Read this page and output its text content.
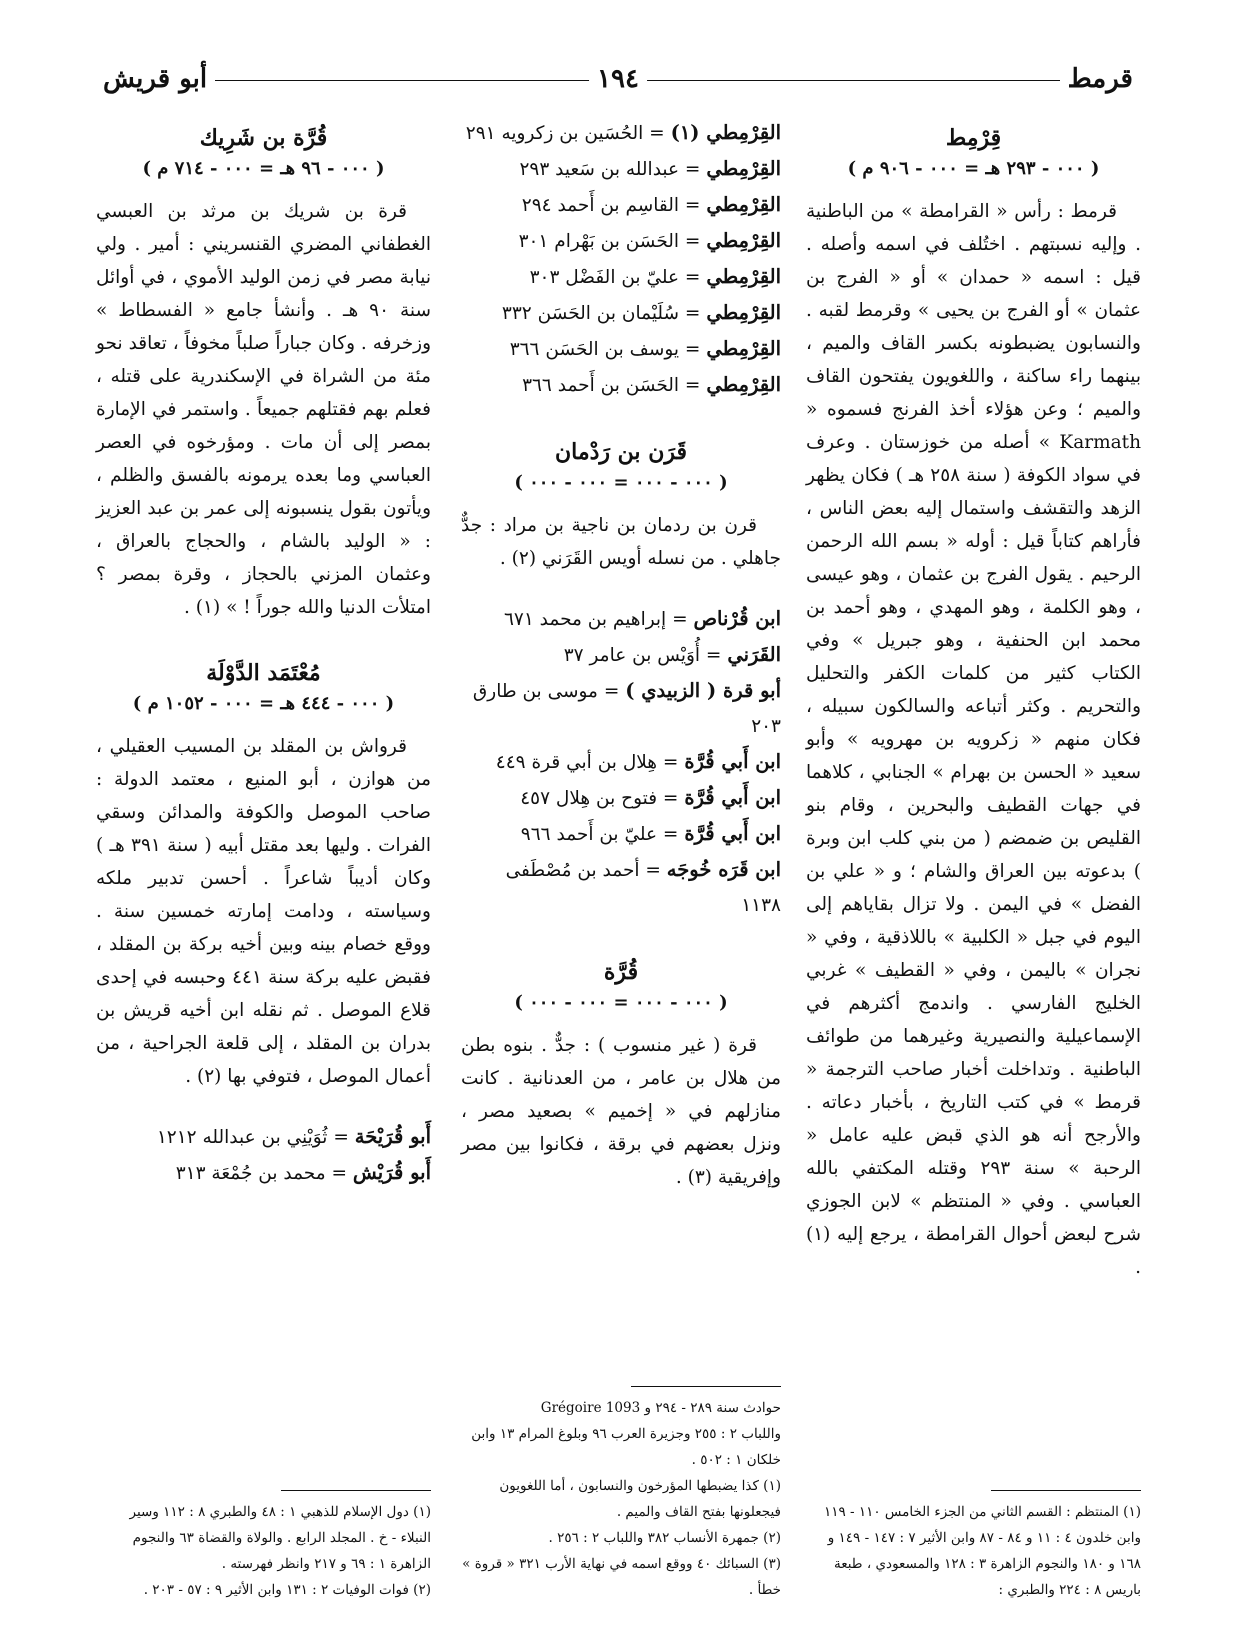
قرمط
١٩٤
أبو قريش
قِرْمِط
( ٠٠٠ - ٢٩٣ هـ = ٠٠٠ - ٩٠٦ م )

قرمط : رأس « القرامطة » من الباطنية . وإليه نسبتهم . اختُلف في اسمه وأصله . قيل : اسمه « حمدان » أو « الفرج بن عثمان » أو الفرج بن يحيى » وقرمط لقبه . والنسابون يضبطونه بكسر القاف والميم ، بينهما راء ساكنة ، واللغويون يفتحون القاف والميم ؛ وعن هؤلاء أخذ الفرنج فسموه « Karmath » أصله من خوزستان . وعرف في سواد الكوفة ( سنة ٢٥٨ هـ ) فكان يظهر الزهد والتقشف واستمال إليه بعض الناس ، فأراهم كتاباً قيل : أوله « بسم الله الرحمن الرحيم . يقول الفرج بن عثمان ، وهو عيسى ، وهو الكلمة ، وهو المهدي ، وهو أحمد بن محمد ابن الحنفية ، وهو جبريل » وفي الكتاب كثير من كلمات الكفر والتحليل والتحريم . وكثر أتباعه والسالكون سبيله ، فكان منهم « زكرويه بن مهرويه » وأبو سعيد « الحسن بن بهرام » الجنابي ، كلاهما في جهات القطيف والبحرين ، وقام بنو القليص بن ضمضم ( من بني كلب ابن وبرة ) بدعوته بين العراق والشام ؛ و « علي بن الفضل » في اليمن . ولا تزال بقاياهم إلى اليوم في جبل « الكلبية » باللاذقية ، وفي « نجران » باليمن ، وفي « القطيف » غربي الخليج الفارسي . واندمج أكثرهم في الإسماعيلية والنصيرية وغيرهما من طوائف الباطنية . وتداخلت أخبار صاحب الترجمة « قرمط » في كتب التاريخ ، بأخبار دعاته . والأرجح أنه هو الذي قبض عليه عامل « الرحبة » سنة ٢٩٣ وقتله المكتفي بالله العباسي . وفي « المنتظم » لابن الجوزي شرح لبعض أحوال القرامطة ، يرجع إليه (١) .

(١) المنتظم : القسم الثاني من الجزء الخامس ١١٠ - ١١٩ وابن خلدون ٤ : ١١ و ٨٤ - ٨٧ وابن الأثير ٧ : ١٤٧ - ١٤٩ و ١٦٨ و ١٨٠ والنجوم الزاهرة ٣ : ١٢٨ والمسعودي ، طبعة باريس ٨ : ٢٢٤ والطبري :

القِرْمِطي (١) = الحُسَين بن زكرويه ٢٩١

القِرْمِطي = عبدالله بن سَعيد ٢٩٣

القِرْمِطي = القاسِم بن أَحمد ٢٩٤

القِرْمِطي = الحَسَن بن بَهْرام ٣٠١

القِرْمِطي = عليّ بن الفَضْل ٣٠٣

القِرْمِطي = سُلَيْمان بن الحَسَن ٣٣٢

القِرْمِطي = يوسف بن الحَسَن ٣٦٦

القِرْمِطي = الحَسَن بن أَحمد ٣٦٦

قَرَن بن رَدْمان
( ٠٠٠ - ٠٠٠ = ٠٠٠ - ٠٠٠ )

قرن بن ردمان بن ناجية بن مراد : جدٌّ جاهلي . من نسله أويس القَرَني (٢) .

ابن قُرْناص = إبراهيم بن محمد ٦٧١

القَرَني = أُوَيْس بن عامر ٣٧

أبو قرة ( الزبيدي ) = موسى بن طارق ٢٠٣

ابن أَبي قُرَّة = هِلال بن أبي قرة ٤٤٩

ابن أَبي قُرَّة = فتوح بن هِلال ٤٥٧

ابن أَبي قُرَّة = عليّ بن أَحمد ٩٦٦

ابن قَرَه خُوجَه = أحمد بن مُصْطَفى ١١٣٨

قُرَّة
( ٠٠٠ - ٠٠٠ = ٠٠٠ - ٠٠٠ )

قرة ( غير منسوب ) : جدٌّ . بنوه بطن من هلال بن عامر ، من العدنانية . كانت منازلهم في « إخميم » بصعيد مصر ، ونزل بعضهم في برقة ، فكانوا بين مصر وإفريقية (٣) .

حوادث سنة ٢٨٩ - ٢٩٤ و Grégoire 1093

واللباب ٢ : ٢٥٥ وجزيرة العرب ٩٦ وبلوغ المرام ١٣ وابن خلكان ١ : ٥٠٢ .

(١) كذا يضبطها المؤرخون والنسابون ، أما اللغويون فيجعلونها بفتح القاف والميم .

(٢) جمهرة الأنساب ٣٨٢ واللباب ٢ : ٢٥٦ .

(٣) السبائك ٤٠ ووقع اسمه في نهاية الأرب ٣٢١ « قروة » خطأ .

قُرَّة بن شَرِيك
( ٠٠٠ - ٩٦ هـ = ٠٠٠ - ٧١٤ م )

قرة بن شريك بن مرثد بن العبسي الغطفاني المضري القنسريني : أمير . ولي نيابة مصر في زمن الوليد الأموي ، في أوائل سنة ٩٠ هـ . وأنشأ جامع « الفسطاط » وزخرفه . وكان جباراً صلباً مخوفاً ، تعاقد نحو مئة من الشراة في الإسكندرية على قتله ، فعلم بهم فقتلهم جميعاً . واستمر في الإمارة بمصر إلى أن مات . ومؤرخوه في العصر العباسي وما بعده يرمونه بالفسق والظلم ، ويأتون بقول ينسبونه إلى عمر بن عبد العزيز : « الوليد بالشام ، والحجاج بالعراق ، وعثمان المزني بالحجاز ، وقرة بمصر ؟ امتلأت الدنيا والله جوراً ! » (١) .

مُعْتَمَد الدَّوْلَة
( ٠٠٠ - ٤٤٤ هـ = ٠٠٠ - ١٠٥٢ م )

قرواش بن المقلد بن المسيب العقيلي ، من هوازن ، أبو المنيع ، معتمد الدولة : صاحب الموصل والكوفة والمدائن وسقي الفرات . وليها بعد مقتل أبيه ( سنة ٣٩١ هـ ) وكان أديباً شاعراً . أحسن تدبير ملكه وسياسته ، ودامت إمارته خمسين سنة . ووقع خصام بينه وبين أخيه بركة بن المقلد ، فقبض عليه بركة سنة ٤٤١ وحبسه في إحدى قلاع الموصل . ثم نقله ابن أخيه قريش بن بدران بن المقلد ، إلى قلعة الجراحية ، من أعمال الموصل ، فتوفي بها (٢) .

أَبو قُرَيْحَة = ثُوَيْنِي بن عبدالله ١٢١٢

أَبو قُرَيْش = محمد بن جُمْعَة ٣١٣

(١) دول الإسلام للذهبي ١ : ٤٨ والطبري ٨ : ١١٢ وسير النبلاء - خ . المجلد الرابع . والولاة والقضاة ٦٣ والنجوم الزاهرة ١ : ٦٩ و ٢١٧ وانظر فهرسته .

(٢) فوات الوفيات ٢ : ١٣١ وابن الأثير ٩ : ٥٧ - ٢٠٣ .
